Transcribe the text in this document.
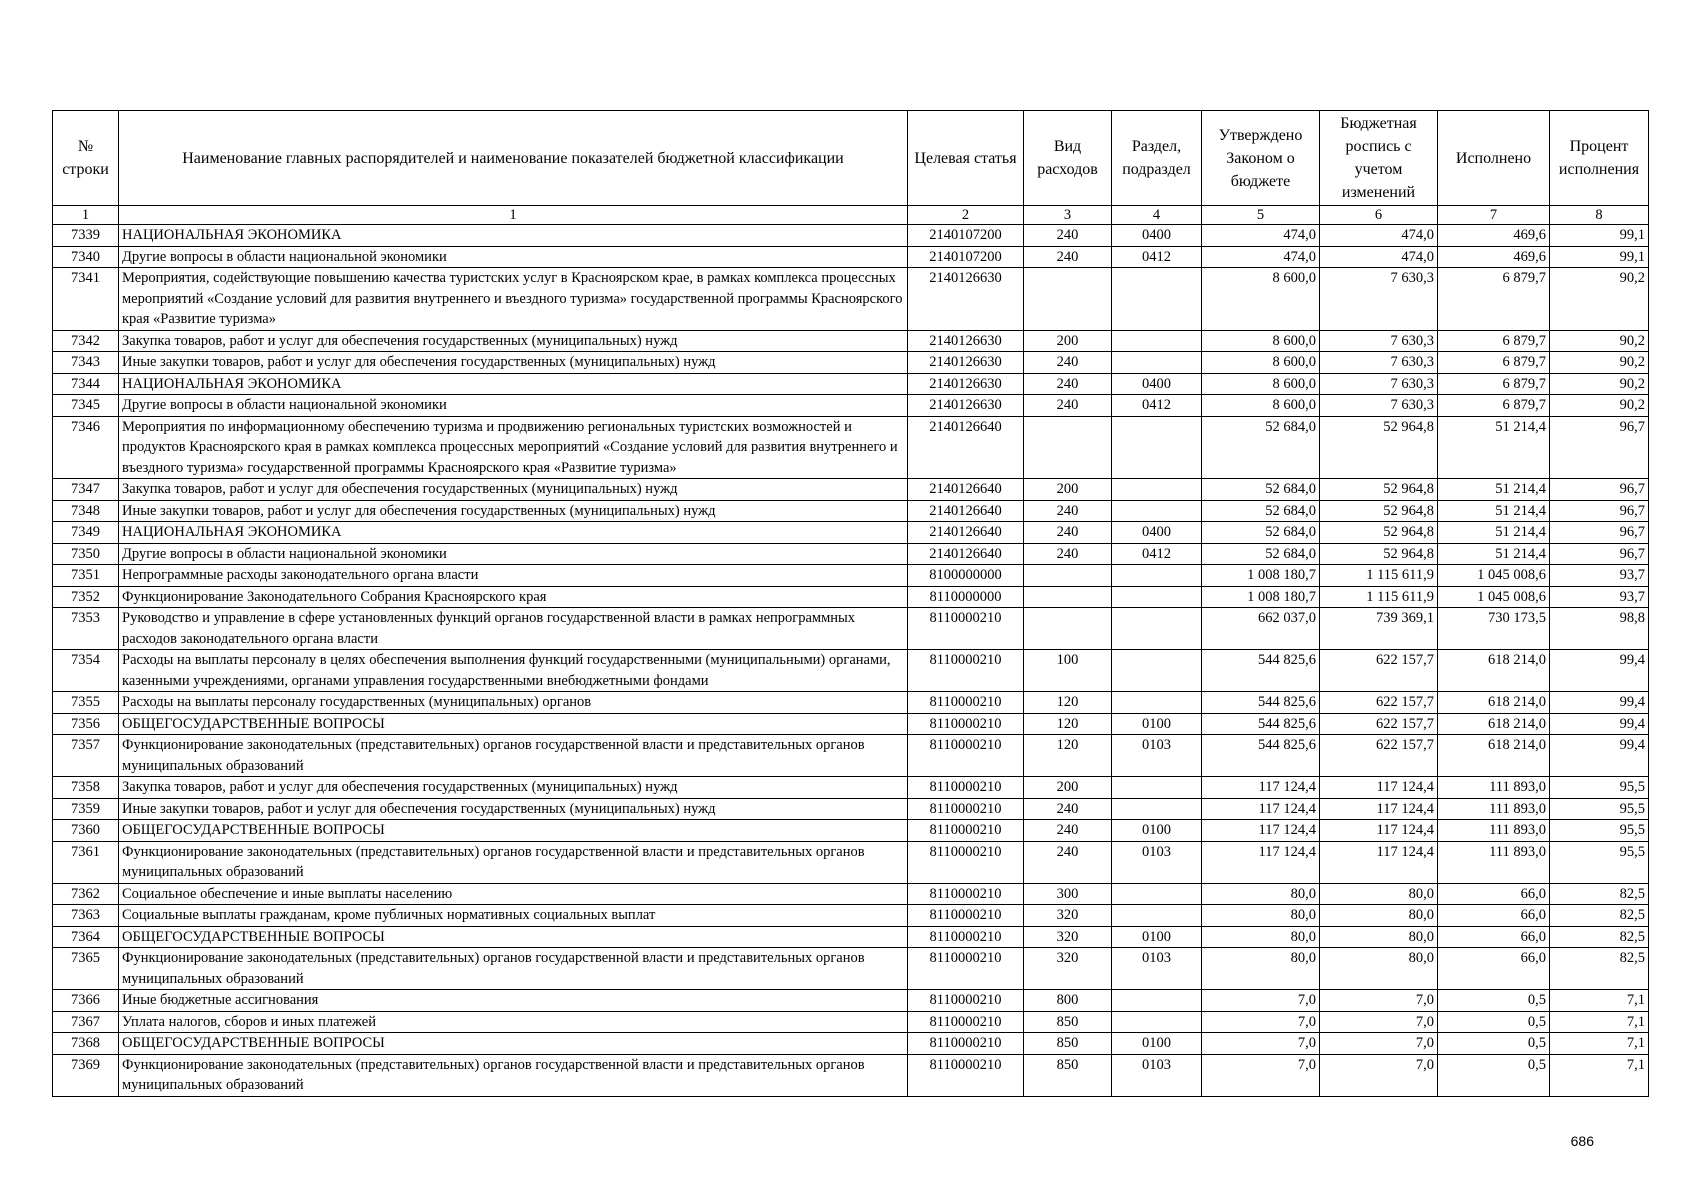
№ строки	Наименование главных распорядителей и наименование показателей бюджетной классификации	Целевая статья	Вид расходов	Раздел, подраздел	Утверждено Законом о бюджете	Бюджетная роспись с учетом изменений	Исполнено	Процент исполнения
1	1	2	3	4	5	6	7	8
7339	НАЦИОНАЛЬНАЯ ЭКОНОМИКА	2140107200	240	0400	474,0	474,0	469,6	99,1
7340	Другие вопросы в области национальной экономики	2140107200	240	0412	474,0	474,0	469,6	99,1
7341	Мероприятия, содействующие повышению качества туристских услуг в Красноярском крае, в рамках комплекса процессных мероприятий «Создание условий для развития внутреннего и въездного туризма» государственной программы Красноярского края «Развитие туризма»	2140126630			8 600,0	7 630,3	6 879,7	90,2
7342	Закупка товаров, работ и услуг для обеспечения государственных (муниципальных) нужд	2140126630	200		8 600,0	7 630,3	6 879,7	90,2
7343	Иные закупки товаров, работ и услуг для обеспечения государственных (муниципальных) нужд	2140126630	240		8 600,0	7 630,3	6 879,7	90,2
7344	НАЦИОНАЛЬНАЯ ЭКОНОМИКА	2140126630	240	0400	8 600,0	7 630,3	6 879,7	90,2
7345	Другие вопросы в области национальной экономики	2140126630	240	0412	8 600,0	7 630,3	6 879,7	90,2
7346	Мероприятия по информационному обеспечению туризма и продвижению региональных туристских возможностей и продуктов Красноярского края в рамках комплекса процессных мероприятий «Создание условий для развития внутреннего и въездного туризма» государственной программы Красноярского края «Развитие туризма»	2140126640			52 684,0	52 964,8	51 214,4	96,7
7347	Закупка товаров, работ и услуг для обеспечения государственных (муниципальных) нужд	2140126640	200		52 684,0	52 964,8	51 214,4	96,7
7348	Иные закупки товаров, работ и услуг для обеспечения государственных (муниципальных) нужд	2140126640	240		52 684,0	52 964,8	51 214,4	96,7
7349	НАЦИОНАЛЬНАЯ ЭКОНОМИКА	2140126640	240	0400	52 684,0	52 964,8	51 214,4	96,7
7350	Другие вопросы в области национальной экономики	2140126640	240	0412	52 684,0	52 964,8	51 214,4	96,7
7351	Непрограммные расходы законодательного органа власти	8100000000			1 008 180,7	1 115 611,9	1 045 008,6	93,7
7352	Функционирование Законодательного Собрания Красноярского края	8110000000			1 008 180,7	1 115 611,9	1 045 008,6	93,7
7353	Руководство и управление в сфере установленных функций органов государственной власти в рамках непрограммных расходов законодательного органа власти	8110000210			662 037,0	739 369,1	730 173,5	98,8
7354	Расходы на выплаты персоналу в целях обеспечения выполнения функций государственными (муниципальными) органами, казенными учреждениями, органами управления государственными внебюджетными фондами	8110000210	100		544 825,6	622 157,7	618 214,0	99,4
7355	Расходы на выплаты персоналу государственных (муниципальных) органов	8110000210	120		544 825,6	622 157,7	618 214,0	99,4
7356	ОБЩЕГОСУДАРСТВЕННЫЕ ВОПРОСЫ	8110000210	120	0100	544 825,6	622 157,7	618 214,0	99,4
7357	Функционирование законодательных (представительных) органов государственной власти и представительных органов муниципальных образований	8110000210	120	0103	544 825,6	622 157,7	618 214,0	99,4
7358	Закупка товаров, работ и услуг для обеспечения государственных (муниципальных) нужд	8110000210	200		117 124,4	117 124,4	111 893,0	95,5
7359	Иные закупки товаров, работ и услуг для обеспечения государственных (муниципальных) нужд	8110000210	240		117 124,4	117 124,4	111 893,0	95,5
7360	ОБЩЕГОСУДАРСТВЕННЫЕ ВОПРОСЫ	8110000210	240	0100	117 124,4	117 124,4	111 893,0	95,5
7361	Функционирование законодательных (представительных) органов государственной власти и представительных органов муниципальных образований	8110000210	240	0103	117 124,4	117 124,4	111 893,0	95,5
7362	Социальное обеспечение и иные выплаты населению	8110000210	300		80,0	80,0	66,0	82,5
7363	Социальные выплаты гражданам, кроме публичных нормативных социальных выплат	8110000210	320		80,0	80,0	66,0	82,5
7364	ОБЩЕГОСУДАРСТВЕННЫЕ ВОПРОСЫ	8110000210	320	0100	80,0	80,0	66,0	82,5
7365	Функционирование законодательных (представительных) органов государственной власти и представительных органов муниципальных образований	8110000210	320	0103	80,0	80,0	66,0	82,5
7366	Иные бюджетные ассигнования	8110000210	800		7,0	7,0	0,5	7,1
7367	Уплата налогов, сборов и иных платежей	8110000210	850		7,0	7,0	0,5	7,1
7368	ОБЩЕГОСУДАРСТВЕННЫЕ ВОПРОСЫ	8110000210	850	0100	7,0	7,0	0,5	7,1
7369	Функционирование законодательных (представительных) органов государственной власти и представительных органов муниципальных образований	8110000210	850	0103	7,0	7,0	0,5	7,1
686
